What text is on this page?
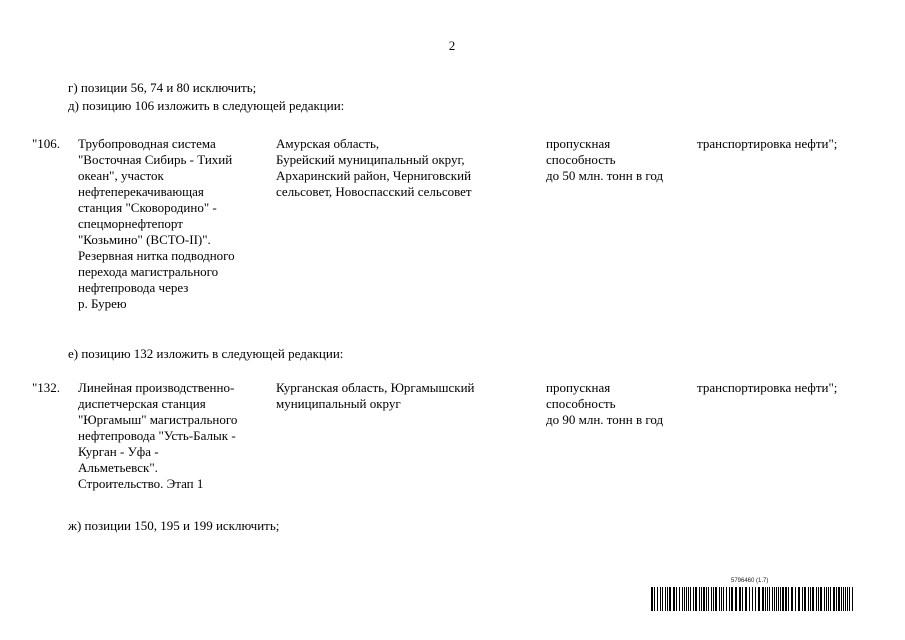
2
г) позиции 56, 74 и 80 исключить;
д) позицию 106 изложить в следующей редакции:
"106. Трубопроводная система
"Восточная Сибирь - Тихий
океан", участок
нефтеперекачивающая
станция "Сковородино" -
спецморнефтепорт
"Козьмино" (ВСТО-II)".
Резервная нитка подводного
перехода магистрального
нефтепровода через
р. Бурею
Амурская область,
Бурейский муниципальный округ,
Архаринский район, Черниговский
сельсовет, Новоспасский сельсовет
пропускная
способность
до 50 млн. тонн в год
транспортировка нефти";
е) позицию 132 изложить в следующей редакции:
"132. Линейная производственно-
диспетчерская станция
"Юргамыш" магистрального
нефтепровода "Усть-Балык -
Курган - Уфа -
Альметьевск".
Строительство. Этап 1
Курганская область, Юргамышский
муниципальный округ
пропускная
способность
до 90 млн. тонн в год
транспортировка нефти";
ж) позиции 150, 195 и 199 исключить;
5796460 (1.7)
